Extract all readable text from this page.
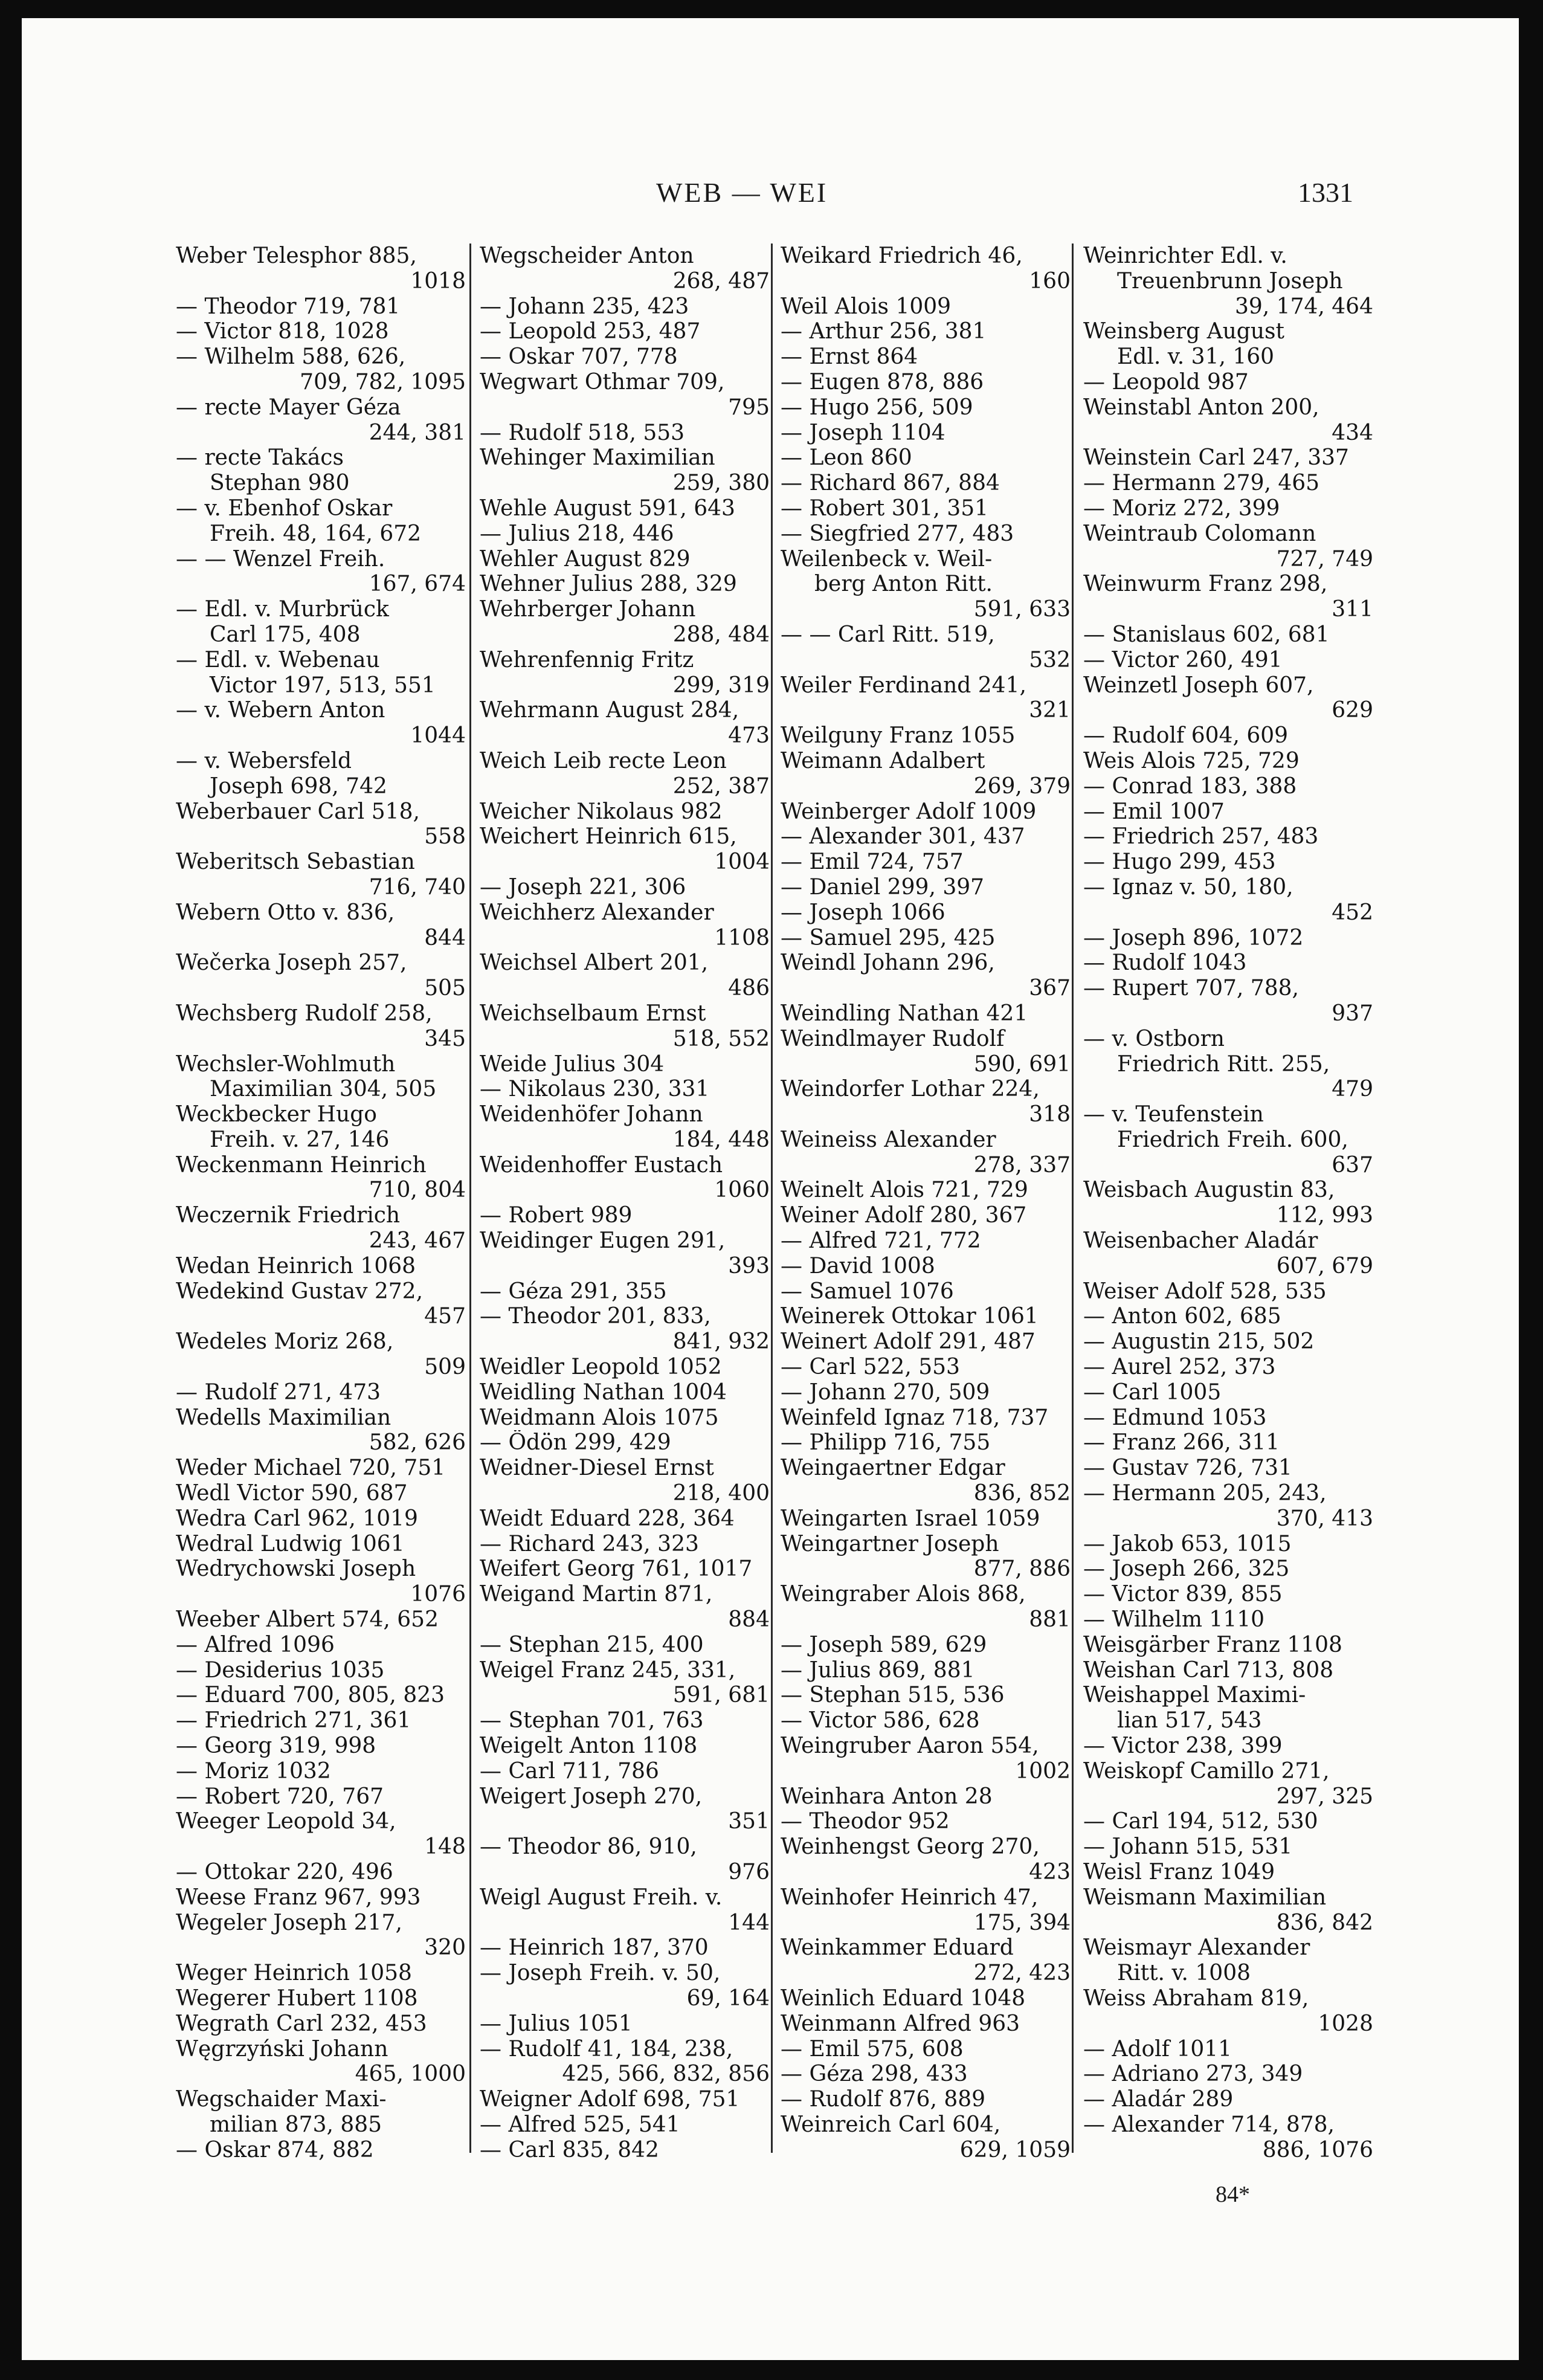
WEB — WEI	1331
Weber Telesphor 885,
1018
— Theodor 719, 781
— Victor 818, 1028
— Wilhelm 588, 626,
709, 782, 1095
— recte Mayer Géza
244, 381
— recte Takács
Stephan 980
— v. Ebenhof Oskar
Freih. 48, 164, 672
— — Wenzel Freih.
167, 674
— Edl. v. Murbrück
Carl 175, 408
— Edl. v. Webenau
Victor 197, 513, 551
— v. Webern Anton
1044
— v. Webersfeld
Joseph 698, 742
Weberbauer Carl 518,
558
Weberitsch Sebastian
716, 740
Webern Otto v. 836,
844
Wečerka Joseph 257,
505
Wechsberg Rudolf 258,
345
Wechsler-Wohlmuth
Maximilian 304, 505
Weckbecker Hugo
Freih. v. 27, 146
Weckenmann Heinrich
710, 804
Weczernik Friedrich
243, 467
Wedan Heinrich 1068
Wedekind Gustav 272,
457
Wedeles Moriz 268,
509
— Rudolf 271, 473
Wedells Maximilian
582, 626
Weder Michael 720, 751
Wedl Victor 590, 687
Wedra Carl 962, 1019
Wedral Ludwig 1061
Wedrychowski Joseph
1076
Weeber Albert 574, 652
— Alfred 1096
— Desiderius 1035
— Eduard 700, 805, 823
— Friedrich 271, 361
— Georg 319, 998
— Moriz 1032
— Robert 720, 767
Weeger Leopold 34,
148
— Ottokar 220, 496
Weese Franz 967, 993
Wegeler Joseph 217,
320
Weger Heinrich 1058
Wegerer Hubert 1108
Wegrath Carl 232, 453
Węgrzyński Johann
465, 1000
Wegschaider Maxi-
milian 873, 885
— Oskar 874, 882
Wegscheider Anton
268, 487
— Johann 235, 423
— Leopold 253, 487
— Oskar 707, 778
Wegwart Othmar 709,
795
— Rudolf 518, 553
Wehinger Maximilian
259, 380
Wehle August 591, 643
— Julius 218, 446
Wehler August 829
Wehner Julius 288, 329
Wehrberger Johann
288, 484
Wehrenfennig Fritz
299, 319
Wehrmann August 284,
473
Weich Leib recte Leon
252, 387
Weicher Nikolaus 982
Weichert Heinrich 615,
1004
— Joseph 221, 306
Weichherz Alexander
1108
Weichsel Albert 201,
486
Weichselbaum Ernst
518, 552
Weide Julius 304
— Nikolaus 230, 331
Weidenhöfer Johann
184, 448
Weidenhoffer Eustach
1060
— Robert 989
Weidinger Eugen 291,
393
— Géza 291, 355
— Theodor 201, 833,
841, 932
Weidler Leopold 1052
Weidling Nathan 1004
Weidmann Alois 1075
— Ödön 299, 429
Weidner-Diesel Ernst
218, 400
Weidt Eduard 228, 364
— Richard 243, 323
Weifert Georg 761, 1017
Weigand Martin 871,
884
— Stephan 215, 400
Weigel Franz 245, 331,
591, 681
— Stephan 701, 763
Weigelt Anton 1108
— Carl 711, 786
Weigert Joseph 270,
351
— Theodor 86, 910,
976
Weigl August Freih. v.
144
— Heinrich 187, 370
— Joseph Freih. v. 50,
69, 164
— Julius 1051
— Rudolf 41, 184, 238,
425, 566, 832, 856
Weigner Adolf 698, 751
— Alfred 525, 541
— Carl 835, 842
Weikard Friedrich 46,
160
Weil Alois 1009
— Arthur 256, 381
— Ernst 864
— Eugen 878, 886
— Hugo 256, 509
— Joseph 1104
— Leon 860
— Richard 867, 884
— Robert 301, 351
— Siegfried 277, 483
Weilenbeck v. Weil-
berg Anton Ritt.
591, 633
— — Carl Ritt. 519,
532
Weiler Ferdinand 241,
321
Weilguny Franz 1055
Weimann Adalbert
269, 379
Weinberger Adolf 1009
— Alexander 301, 437
— Emil 724, 757
— Daniel 299, 397
— Joseph 1066
— Samuel 295, 425
Weindl Johann 296,
367
Weindling Nathan 421
Weindlmayer Rudolf
590, 691
Weindorfer Lothar 224,
318
Weineiss Alexander
278, 337
Weinelt Alois 721, 729
Weiner Adolf 280, 367
— Alfred 721, 772
— David 1008
— Samuel 1076
Weinerek Ottokar 1061
Weinert Adolf 291, 487
— Carl 522, 553
— Johann 270, 509
Weinfeld Ignaz 718, 737
— Philipp 716, 755
Weingaertner Edgar
836, 852
Weingarten Israel 1059
Weingartner Joseph
877, 886
Weingraber Alois 868,
881
— Joseph 589, 629
— Julius 869, 881
— Stephan 515, 536
— Victor 586, 628
Weingruber Aaron 554,
1002
Weinhara Anton 28
— Theodor 952
Weinhengst Georg 270,
423
Weinhofer Heinrich 47,
175, 394
Weinkammer Eduard
272, 423
Weinlich Eduard 1048
Weinmann Alfred 963
— Emil 575, 608
— Géza 298, 433
— Rudolf 876, 889
Weinreich Carl 604,
629, 1059
Weinrichter Edl. v.
Treuenbrunn Joseph
39, 174, 464
Weinsberg August
Edl. v. 31, 160
— Leopold 987
Weinstabl Anton 200,
434
Weinstein Carl 247, 337
— Hermann 279, 465
— Moriz 272, 399
Weintraub Colomann
727, 749
Weinwurm Franz 298,
311
— Stanislaus 602, 681
— Victor 260, 491
Weinzetl Joseph 607,
629
— Rudolf 604, 609
Weis Alois 725, 729
— Conrad 183, 388
— Emil 1007
— Friedrich 257, 483
— Hugo 299, 453
— Ignaz v. 50, 180,
452
— Joseph 896, 1072
— Rudolf 1043
— Rupert 707, 788,
937
— v. Ostborn
Friedrich Ritt. 255,
479
— v. Teufenstein
Friedrich Freih. 600,
637
Weisbach Augustin 83,
112, 993
Weisenbacher Aladár
607, 679
Weiser Adolf 528, 535
— Anton 602, 685
— Augustin 215, 502
— Aurel 252, 373
— Carl 1005
— Edmund 1053
— Franz 266, 311
— Gustav 726, 731
— Hermann 205, 243,
370, 413
— Jakob 653, 1015
— Joseph 266, 325
— Victor 839, 855
— Wilhelm 1110
Weisgärber Franz 1108
Weishan Carl 713, 808
Weishappel Maximi-
lian 517, 543
— Victor 238, 399
Weiskopf Camillo 271,
297, 325
— Carl 194, 512, 530
— Johann 515, 531
Weisl Franz 1049
Weismann Maximilian
836, 842
Weismayr Alexander
Ritt. v. 1008
Weiss Abraham 819,
1028
— Adolf 1011
— Adriano 273, 349
— Aladár 289
— Alexander 714, 878,
886, 1076
84*
